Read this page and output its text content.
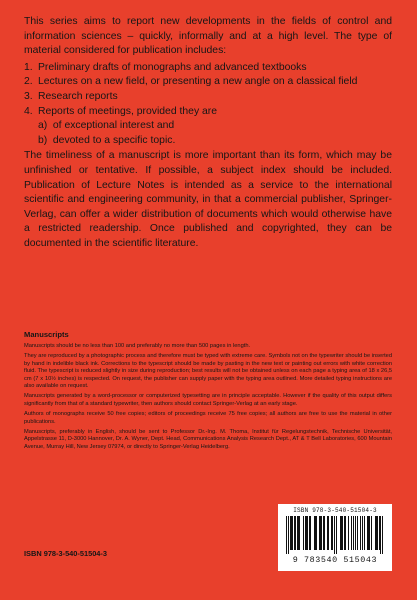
This series aims to report new developments in the fields of control and information sciences – quickly, informally and at a high level. The type of material considered for publication includes:

1. Preliminary drafts of monographs and advanced textbooks
2. Lectures on a new field, or presenting a new angle on a classical field
3. Research reports
4. Reports of meetings, provided they are
a) of exceptional interest and
b) devoted to a specific topic.

The timeliness of a manuscript is more important than its form, which may be unfinished or tentative. If possible, a subject index should be included. Publication of Lecture Notes is intended as a service to the international scientific and engineering community, in that a commercial publisher, Springer-Verlag, can offer a wider distribution of documents which would otherwise have a restricted readership. Once published and copyrighted, they can be documented in the scientific literature.

Manuscripts

Manuscripts should be no less than 100 and preferably no more than 500 pages in length.

They are reproduced by a photographic process and therefore must be typed with extreme care. Symbols not on the typewriter should be inserted by hand in indelible black ink. Corrections to the typescript should be made by pasting in the new text or painting out errors with white correction fluid. The typescript is reduced slightly in size during reproduction; best results will not be obtained unless on each page a typing area of 18 x 26,5 cm (7 x 10½ inches) is respected. On request, the publisher can supply paper with the typing area outlined. More detailed typing instructions are also available on request.

Manuscripts generated by a word-processor or computerized typesetting are in principle acceptable. However if the quality of this output differs significantly from that of a standard typewriter, then authors should contact Springer-Verlag at an early stage.

Authors of monographs receive 50 free copies; editors of proceedings receive 75 free copies; all authors are free to use the material in other publications.

Manuscripts, preferably in English, should be sent to Professor Dr.-Ing. M. Thoma, Institut für Regelungstechnik, Technische Universität, Appelstrasse 11, D-3000 Hannover, Dr. A. Wyner, Dept. Head, Communications Analysis Research Dept., AT & T Bell Laboratories, 600 Mountain Avenue, Murray Hill, New Jersey 07974, or directly to Springer-Verlag Heidelberg.

ISBN 978-3-540-51504-3
ISBN 978-3-540-51504-3
9 783540 515043
